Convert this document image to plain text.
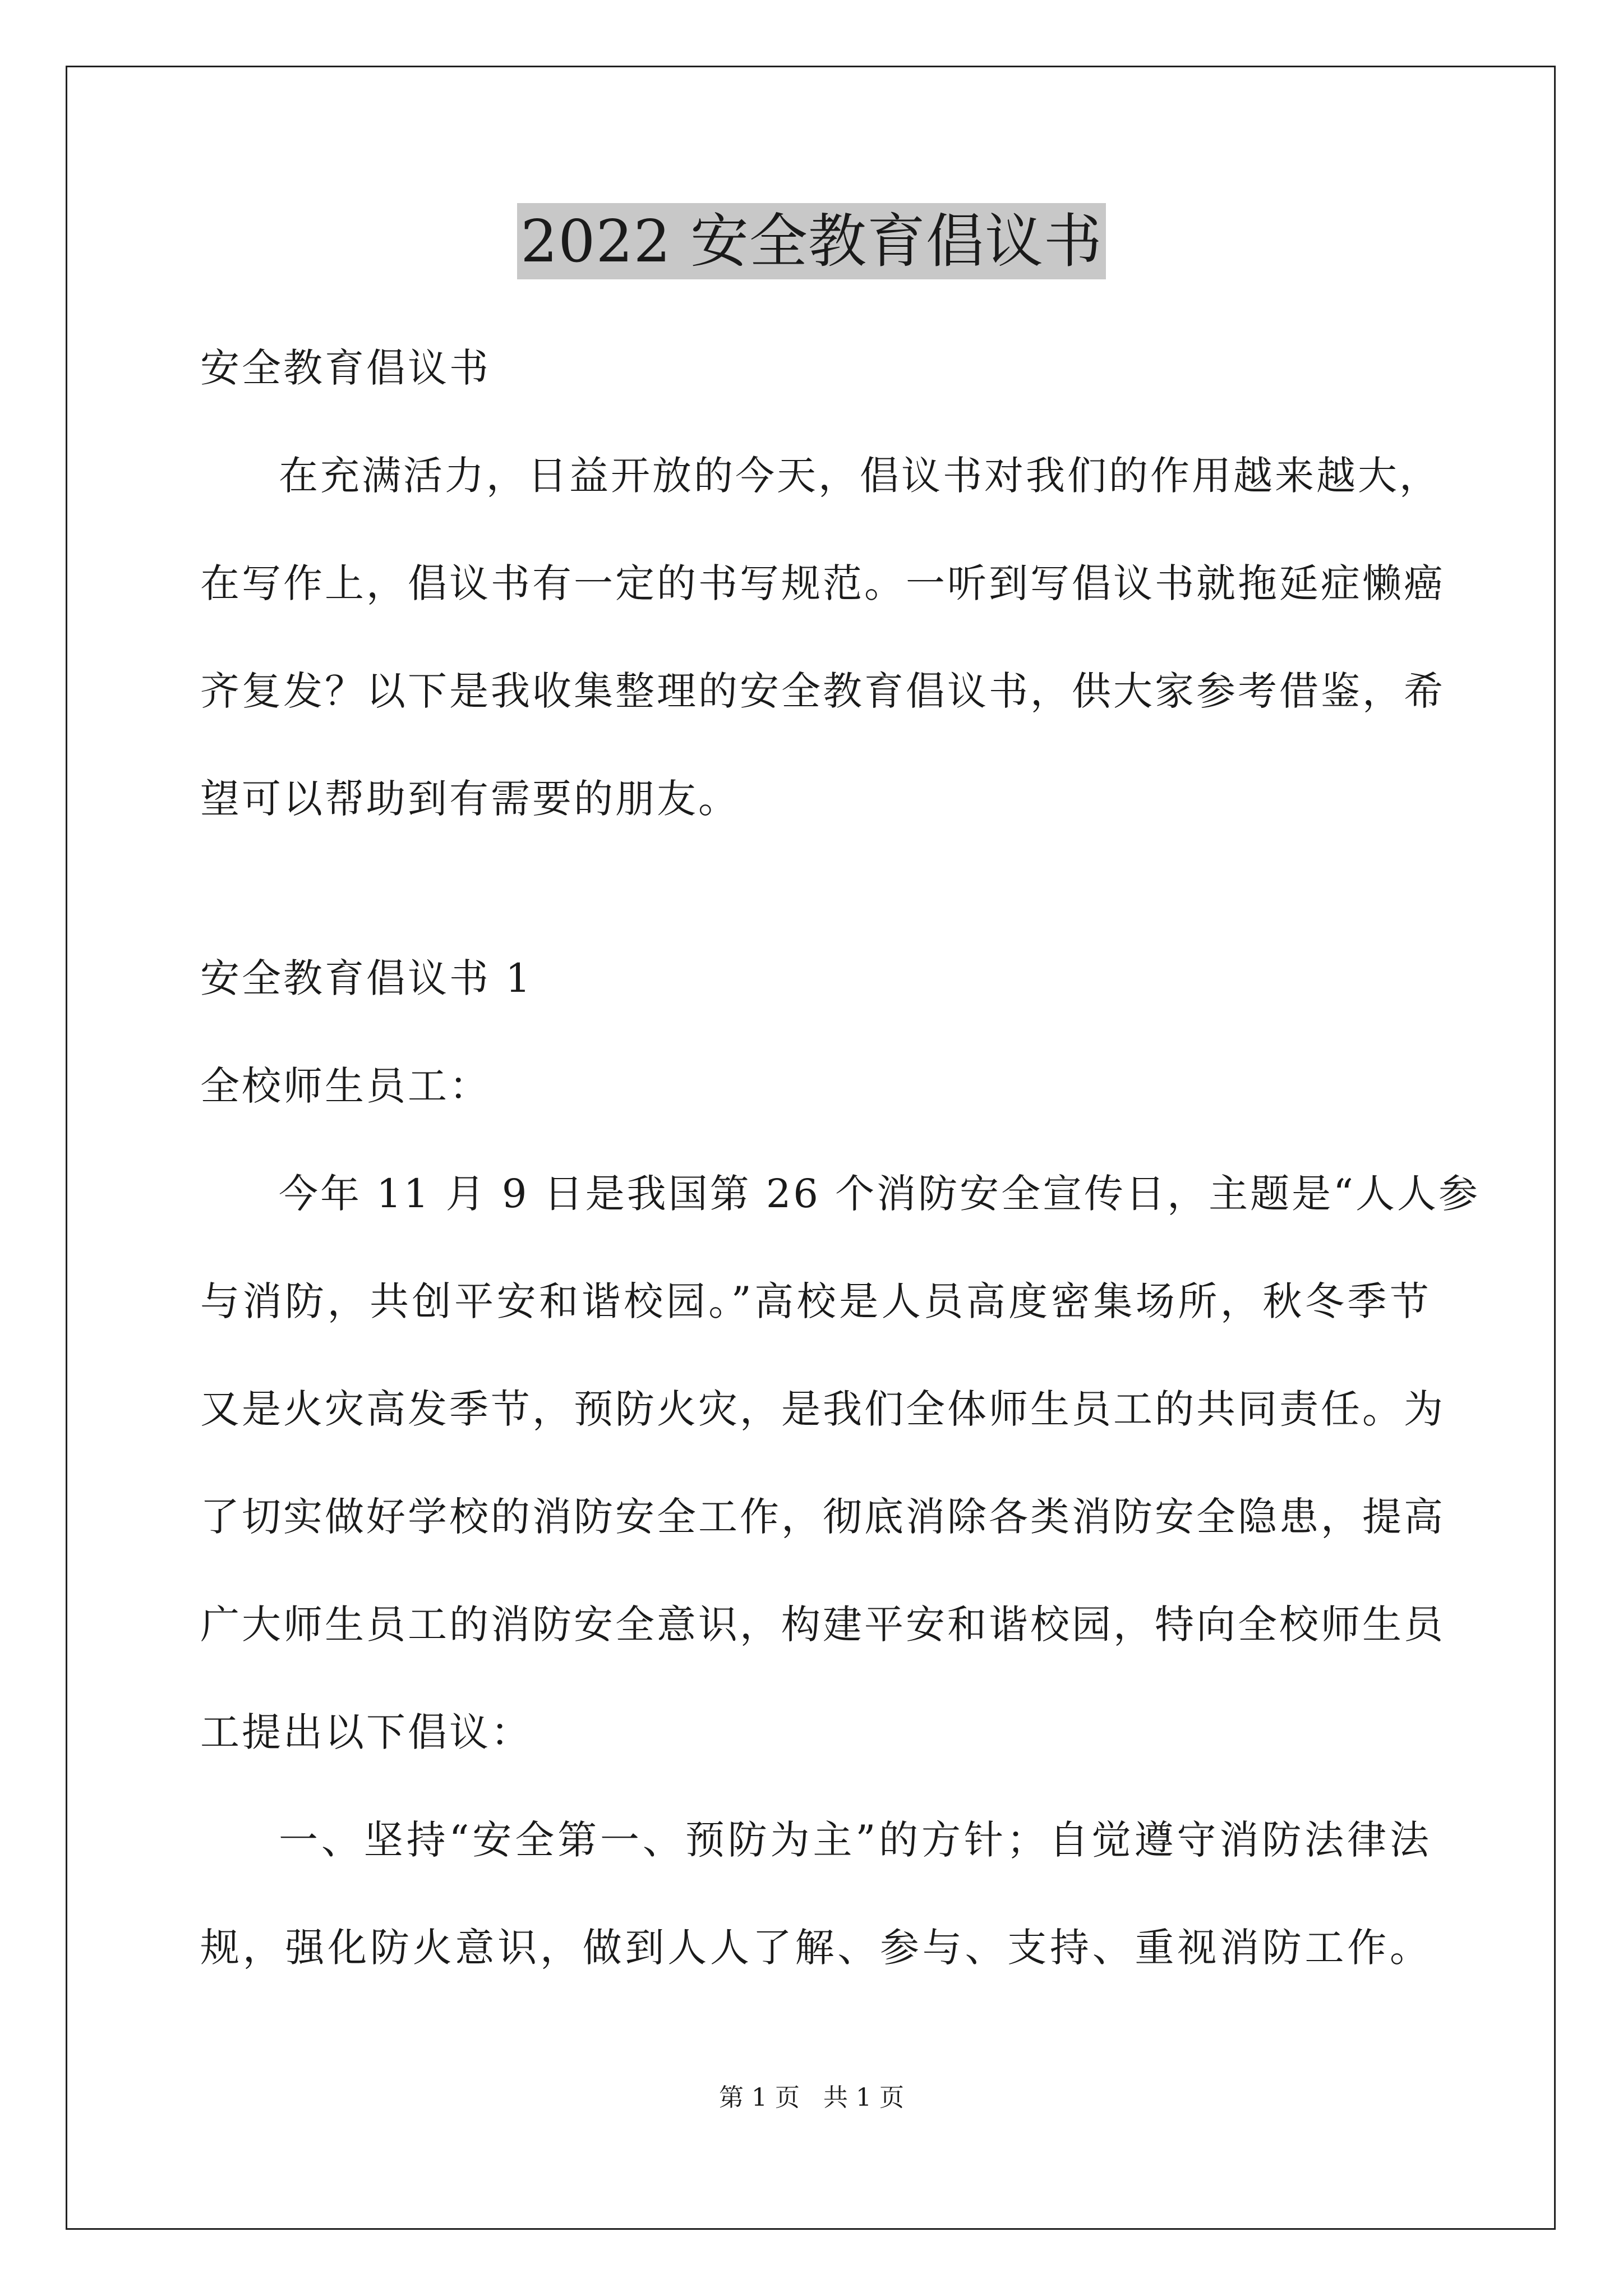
2022 安全教育倡议书
安全教育倡议书
在充满活力，日益开放的今天，倡议书对我们的作用越来越大，
在写作上，倡议书有一定的书写规范。一听到写倡议书就拖延症懒癌
齐复发？以下是我收集整理的安全教育倡议书，供大家参考借鉴，希
望可以帮助到有需要的朋友。
安全教育倡议书 1
全校师生员工：
今年 11 月 9 日是我国第 26 个消防安全宣传日，主题是“人人参
与消防，共创平安和谐校园。”高校是人员高度密集场所，秋冬季节
又是火灾高发季节，预防火灾，是我们全体师生员工的共同责任。为
了切实做好学校的消防安全工作，彻底消除各类消防安全隐患，提高
广大师生员工的消防安全意识，构建平安和谐校园，特向全校师生员
工提出以下倡议：
一、坚持“安全第一、预防为主”的方针；自觉遵守消防法律法
规，强化防火意识，做到人人了解、参与、支持、重视消防工作。
第 1 页 共 1 页
